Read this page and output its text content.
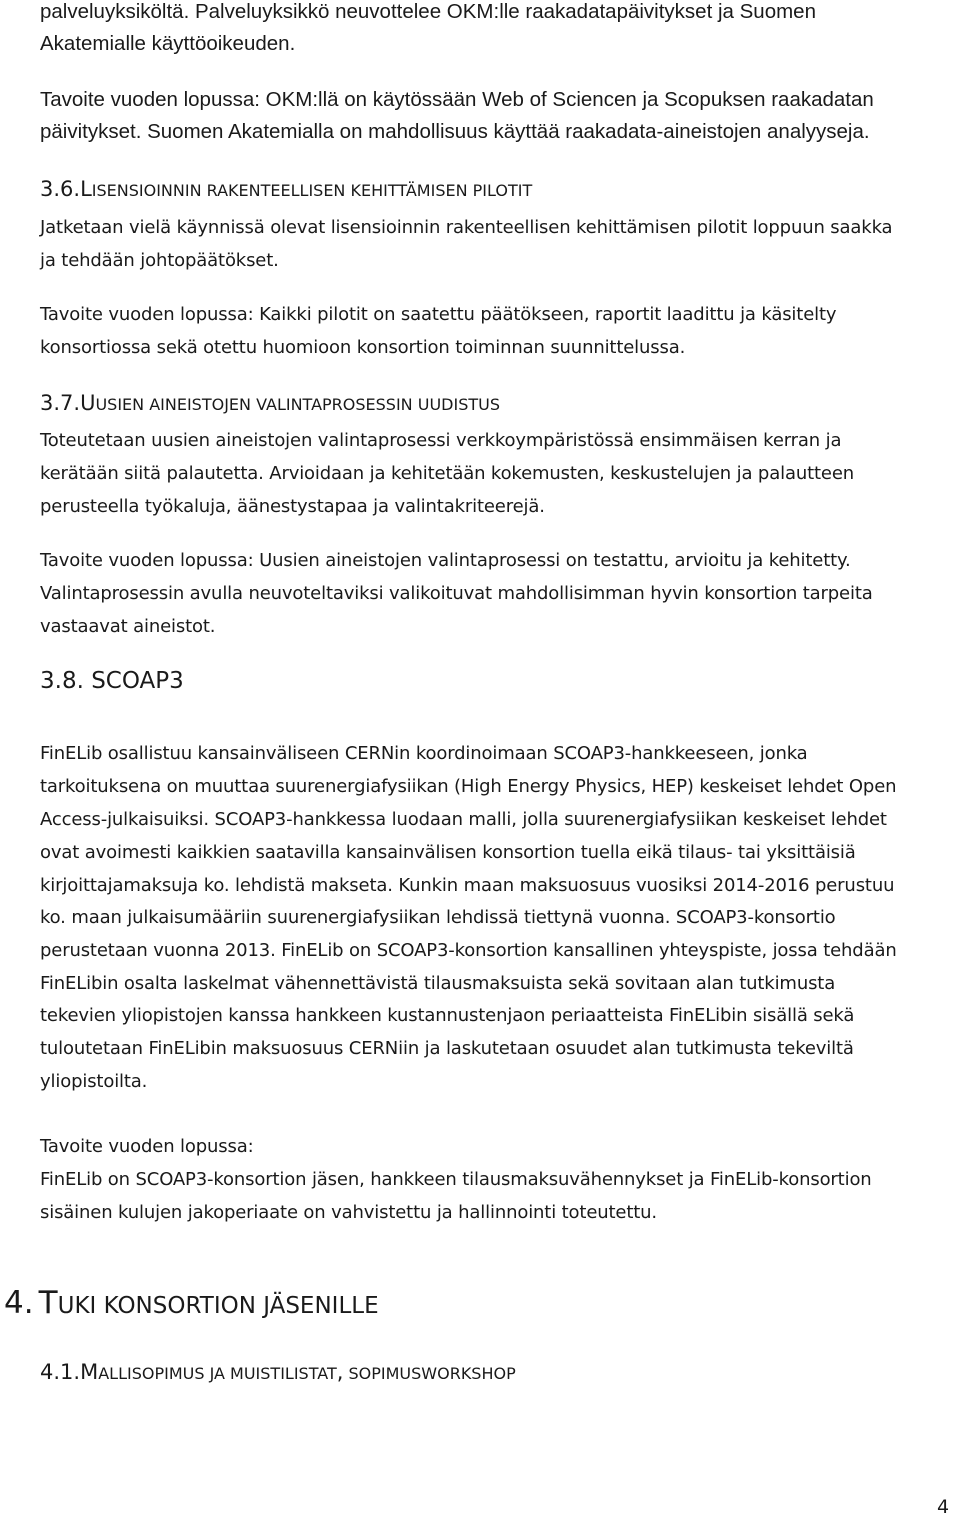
palveluyksiköltä. Palveluyksikkö neuvottelee OKM:lle raakadatapäivitykset ja Suomen

Akatemialle käyttöoikeuden.

Tavoite vuoden lopussa: OKM:llä on käytössään Web of Sciencen ja Scopuksen raakadatan

päivitykset. Suomen Akatemialla on mahdollisuus käyttää raakadata-aineistojen analyyseja.

3.6.LISENSIOINNIN RAKENTEELLISEN KEHITTÄMISEN PILOTIT

Jatketaan vielä käynnissä olevat lisensioinnin rakenteellisen kehittämisen pilotit loppuun saakka

ja tehdään johtopäätökset.

Tavoite vuoden lopussa: Kaikki pilotit on saatettu päätökseen, raportit laadittu ja käsitelty

konsortiossa sekä otettu huomioon konsortion toiminnan suunnittelussa.

3.7.UUSIEN AINEISTOJEN VALINTAPROSESSIN UUDISTUS

Toteutetaan uusien aineistojen valintaprosessi verkkoympäristössä ensimmäisen kerran ja

kerätään siitä palautetta. Arvioidaan ja kehitetään kokemusten, keskustelujen ja palautteen

perusteella työkaluja, äänestystapaa ja valintakriteerejä.

Tavoite vuoden lopussa: Uusien aineistojen valintaprosessi on testattu, arvioitu ja kehitetty.

Valintaprosessin avulla neuvoteltaviksi valikoituvat mahdollisimman hyvin konsortion tarpeita

vastaavat aineistot.

3.8. SCOAP3

FinELib osallistuu kansainväliseen CERNin koordinoimaan SCOAP3-hankkeeseen, jonka

tarkoituksena on muuttaa suurenergiafysiikan (High Energy Physics, HEP) keskeiset lehdet Open

Access-julkaisuiksi. SCOAP3-hankkessa luodaan malli, jolla suurenergiafysiikan keskeiset lehdet

ovat avoimesti kaikkien saatavilla kansainvälisen konsortion tuella eikä tilaus- tai yksittäisiä

kirjoittajamaksuja ko. lehdistä makseta. Kunkin maan maksuosuus vuosiksi 2014-2016 perustuu

ko. maan julkaisumääriin suurenergiafysiikan lehdissä tiettynä vuonna. SCOAP3-konsortio

perustetaan vuonna 2013. FinELib on SCOAP3-konsortion kansallinen yhteyspiste, jossa tehdään

FinELibin osalta laskelmat vähennettävistä tilausmaksuista sekä sovitaan alan tutkimusta

tekevien yliopistojen kanssa hankkeen kustannustenjaon periaatteista FinELibin sisällä sekä

tuloutetaan FinELibin maksuosuus CERNiin ja laskutetaan osuudet alan tutkimusta tekeviltä

yliopistoilta.

Tavoite vuoden lopussa:

FinELib on SCOAP3-konsortion jäsen, hankkeen tilausmaksuvähennykset ja FinELib-konsortion

sisäinen kulujen jakoperiaate on vahvistettu ja hallinnointi toteutettu.

4. TUKI KONSORTION JÄSENILLE
4.1.MALLISOPIMUS JA MUISTILISTAT, SOPIMUSWORKSHOP
4
